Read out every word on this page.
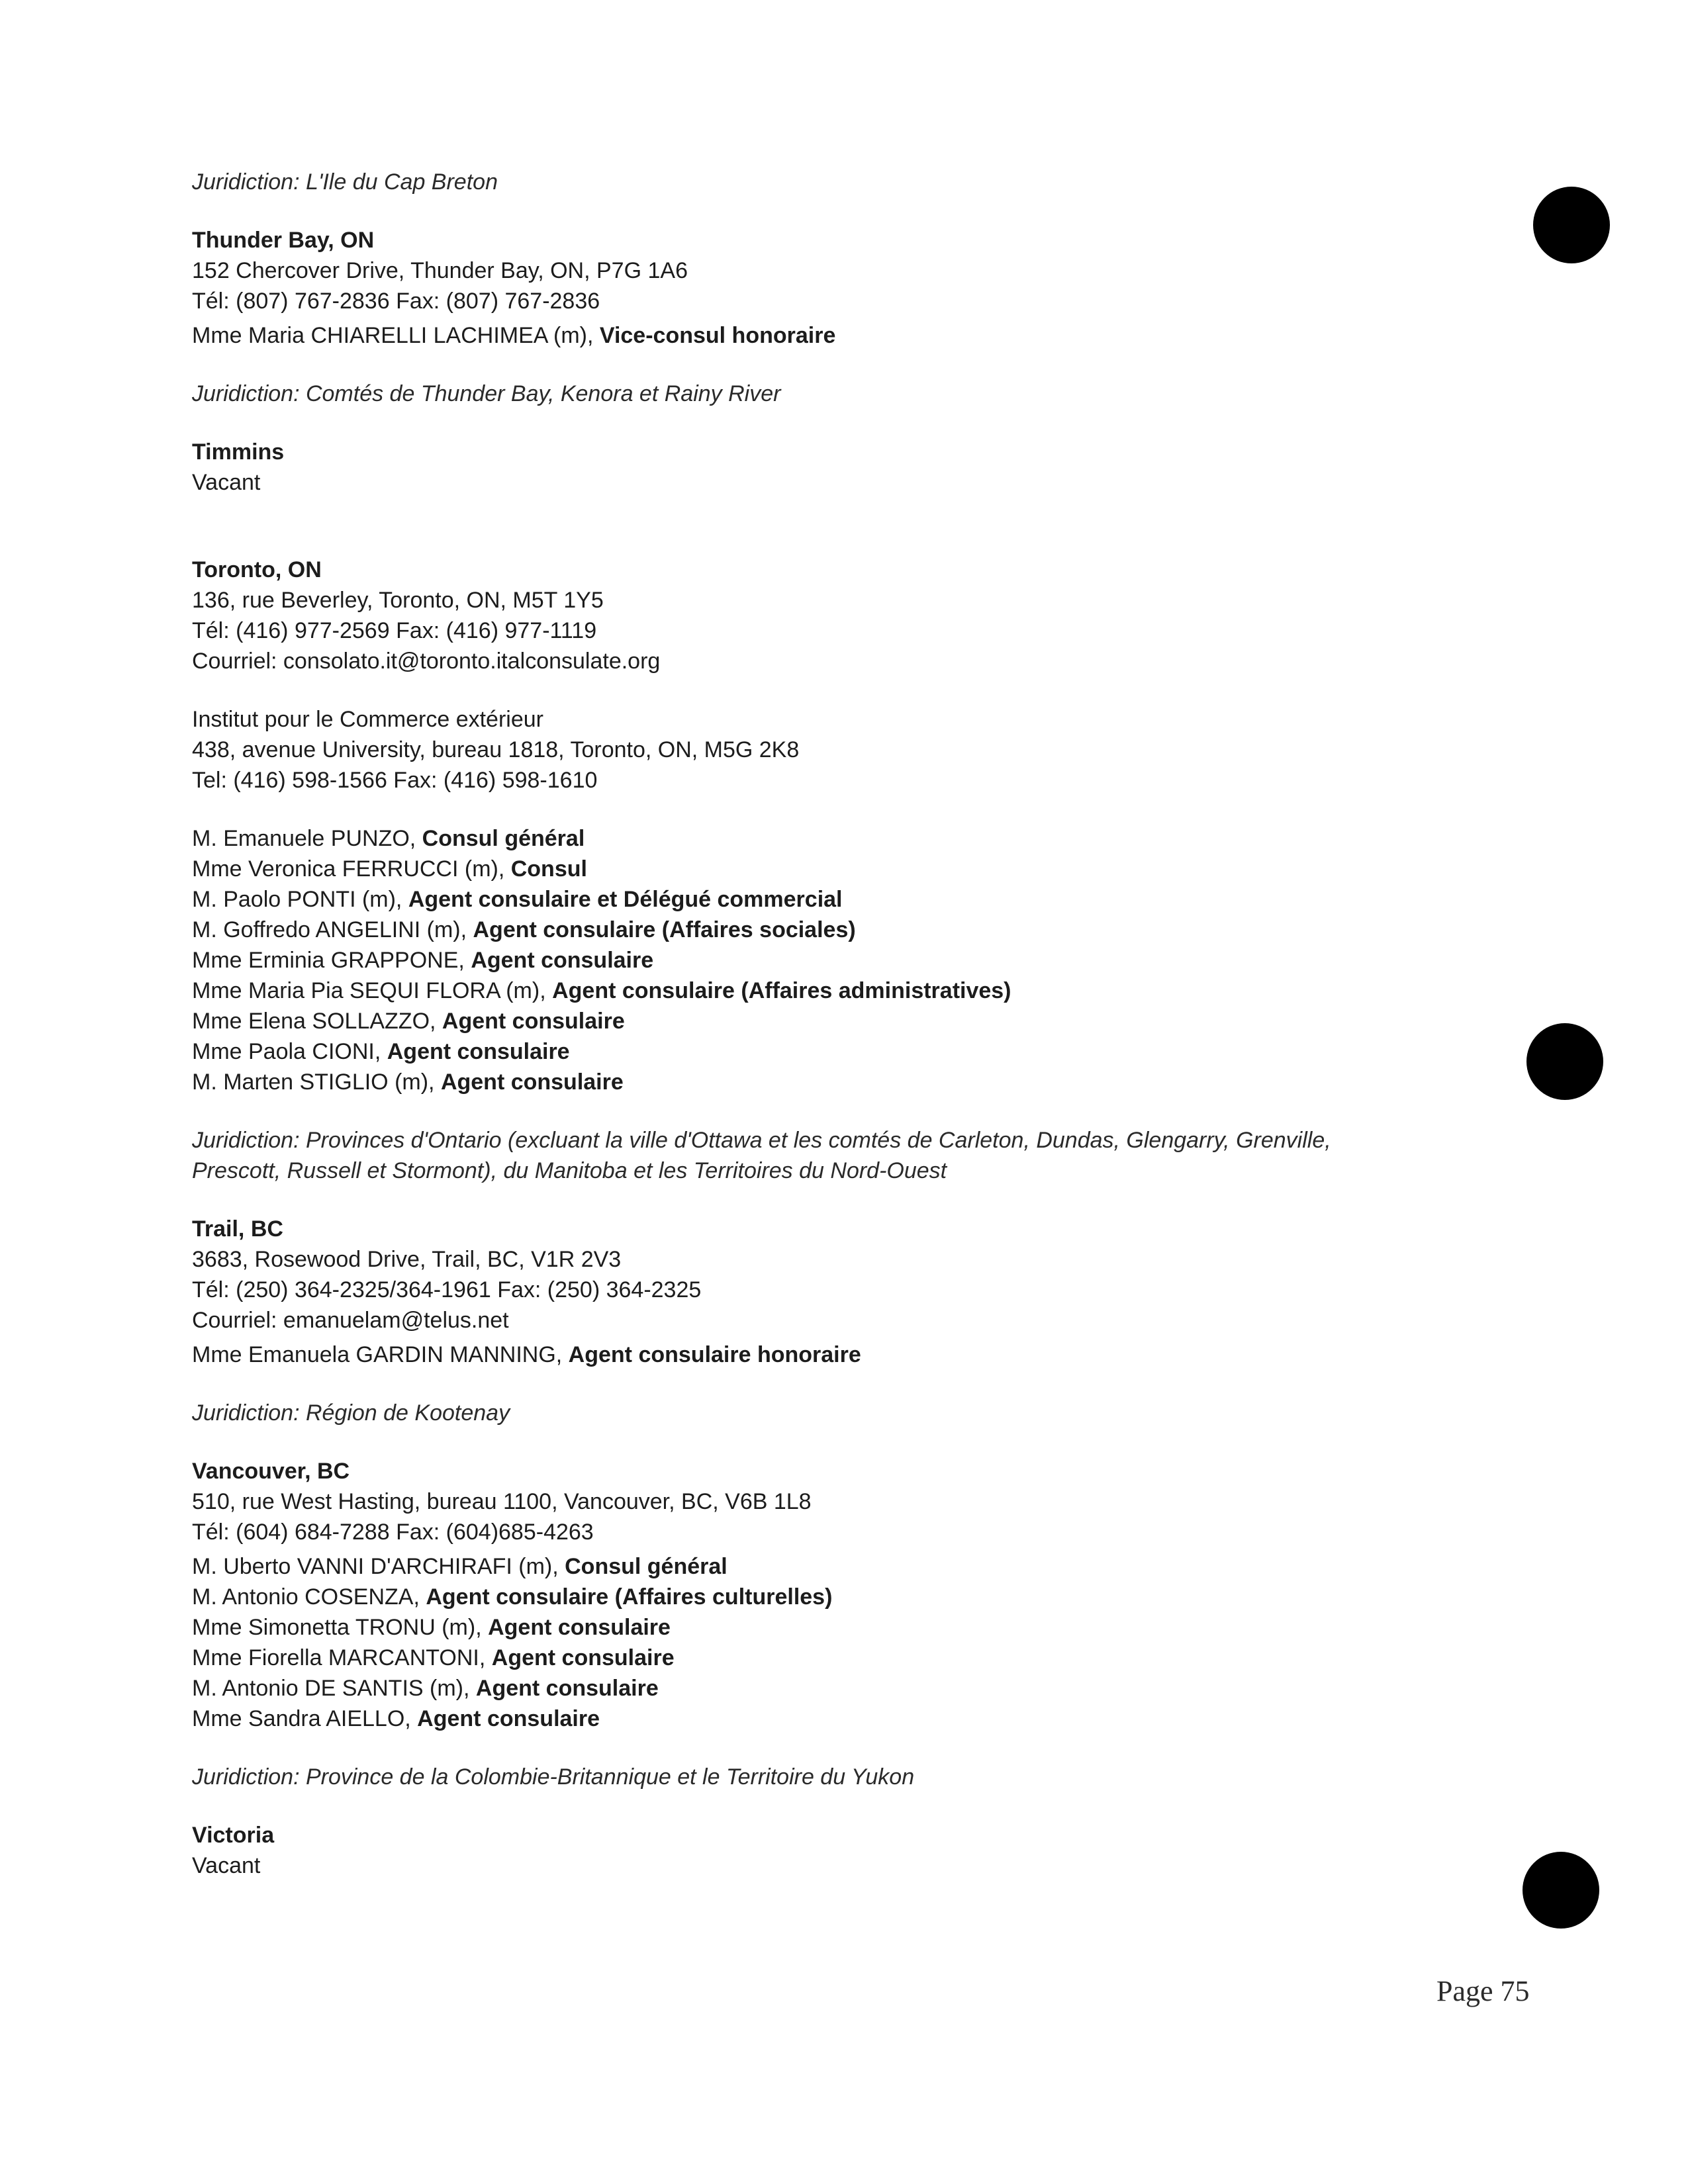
Juridiction: L'Ile du Cap Breton

Thunder Bay, ON

152 Chercover Drive, Thunder Bay, ON, P7G 1A6

Tél: (807) 767-2836 Fax: (807) 767-2836

Mme Maria CHIARELLI LACHIMEA (m), Vice-consul honoraire

Juridiction: Comtés de Thunder Bay, Kenora et Rainy River

Timmins

Vacant

Toronto, ON

136, rue Beverley, Toronto, ON, M5T 1Y5

Tél: (416) 977-2569 Fax: (416) 977-1119

Courriel: consolato.it@toronto.italconsulate.org

Institut pour le Commerce extérieur

438, avenue University, bureau 1818, Toronto, ON, M5G 2K8

Tel: (416) 598-1566 Fax: (416) 598-1610

M. Emanuele PUNZO, Consul général

Mme Veronica FERRUCCI (m), Consul

M. Paolo PONTI (m), Agent consulaire et Délégué commercial

M. Goffredo ANGELINI (m), Agent consulaire (Affaires sociales)

Mme Erminia GRAPPONE, Agent consulaire

Mme Maria Pia SEQUI FLORA (m), Agent consulaire (Affaires administratives)

Mme Elena SOLLAZZO, Agent consulaire

Mme Paola CIONI, Agent consulaire

M. Marten STIGLIO (m), Agent consulaire

Juridiction: Provinces d'Ontario (excluant la ville d'Ottawa et les comtés de Carleton, Dundas, Glengarry, Grenville,

Prescott, Russell et Stormont), du Manitoba et les Territoires du Nord-Ouest

Trail, BC

3683, Rosewood Drive, Trail, BC, V1R 2V3

Tél: (250) 364-2325/364-1961 Fax: (250) 364-2325

Courriel: emanuelam@telus.net

Mme Emanuela GARDIN MANNING, Agent consulaire honoraire

Juridiction: Région de Kootenay

Vancouver, BC

510, rue West Hasting, bureau 1100, Vancouver, BC, V6B 1L8

Tél: (604) 684-7288 Fax: (604)685-4263

M. Uberto VANNI D'ARCHIRAFI (m), Consul général

M. Antonio COSENZA, Agent consulaire (Affaires culturelles)

Mme Simonetta TRONU (m), Agent consulaire

Mme Fiorella MARCANTONI, Agent consulaire

M. Antonio DE SANTIS (m), Agent consulaire

Mme Sandra AIELLO, Agent consulaire

Juridiction: Province de la Colombie-Britannique et le Territoire du Yukon

Victoria

Vacant

Page 75
